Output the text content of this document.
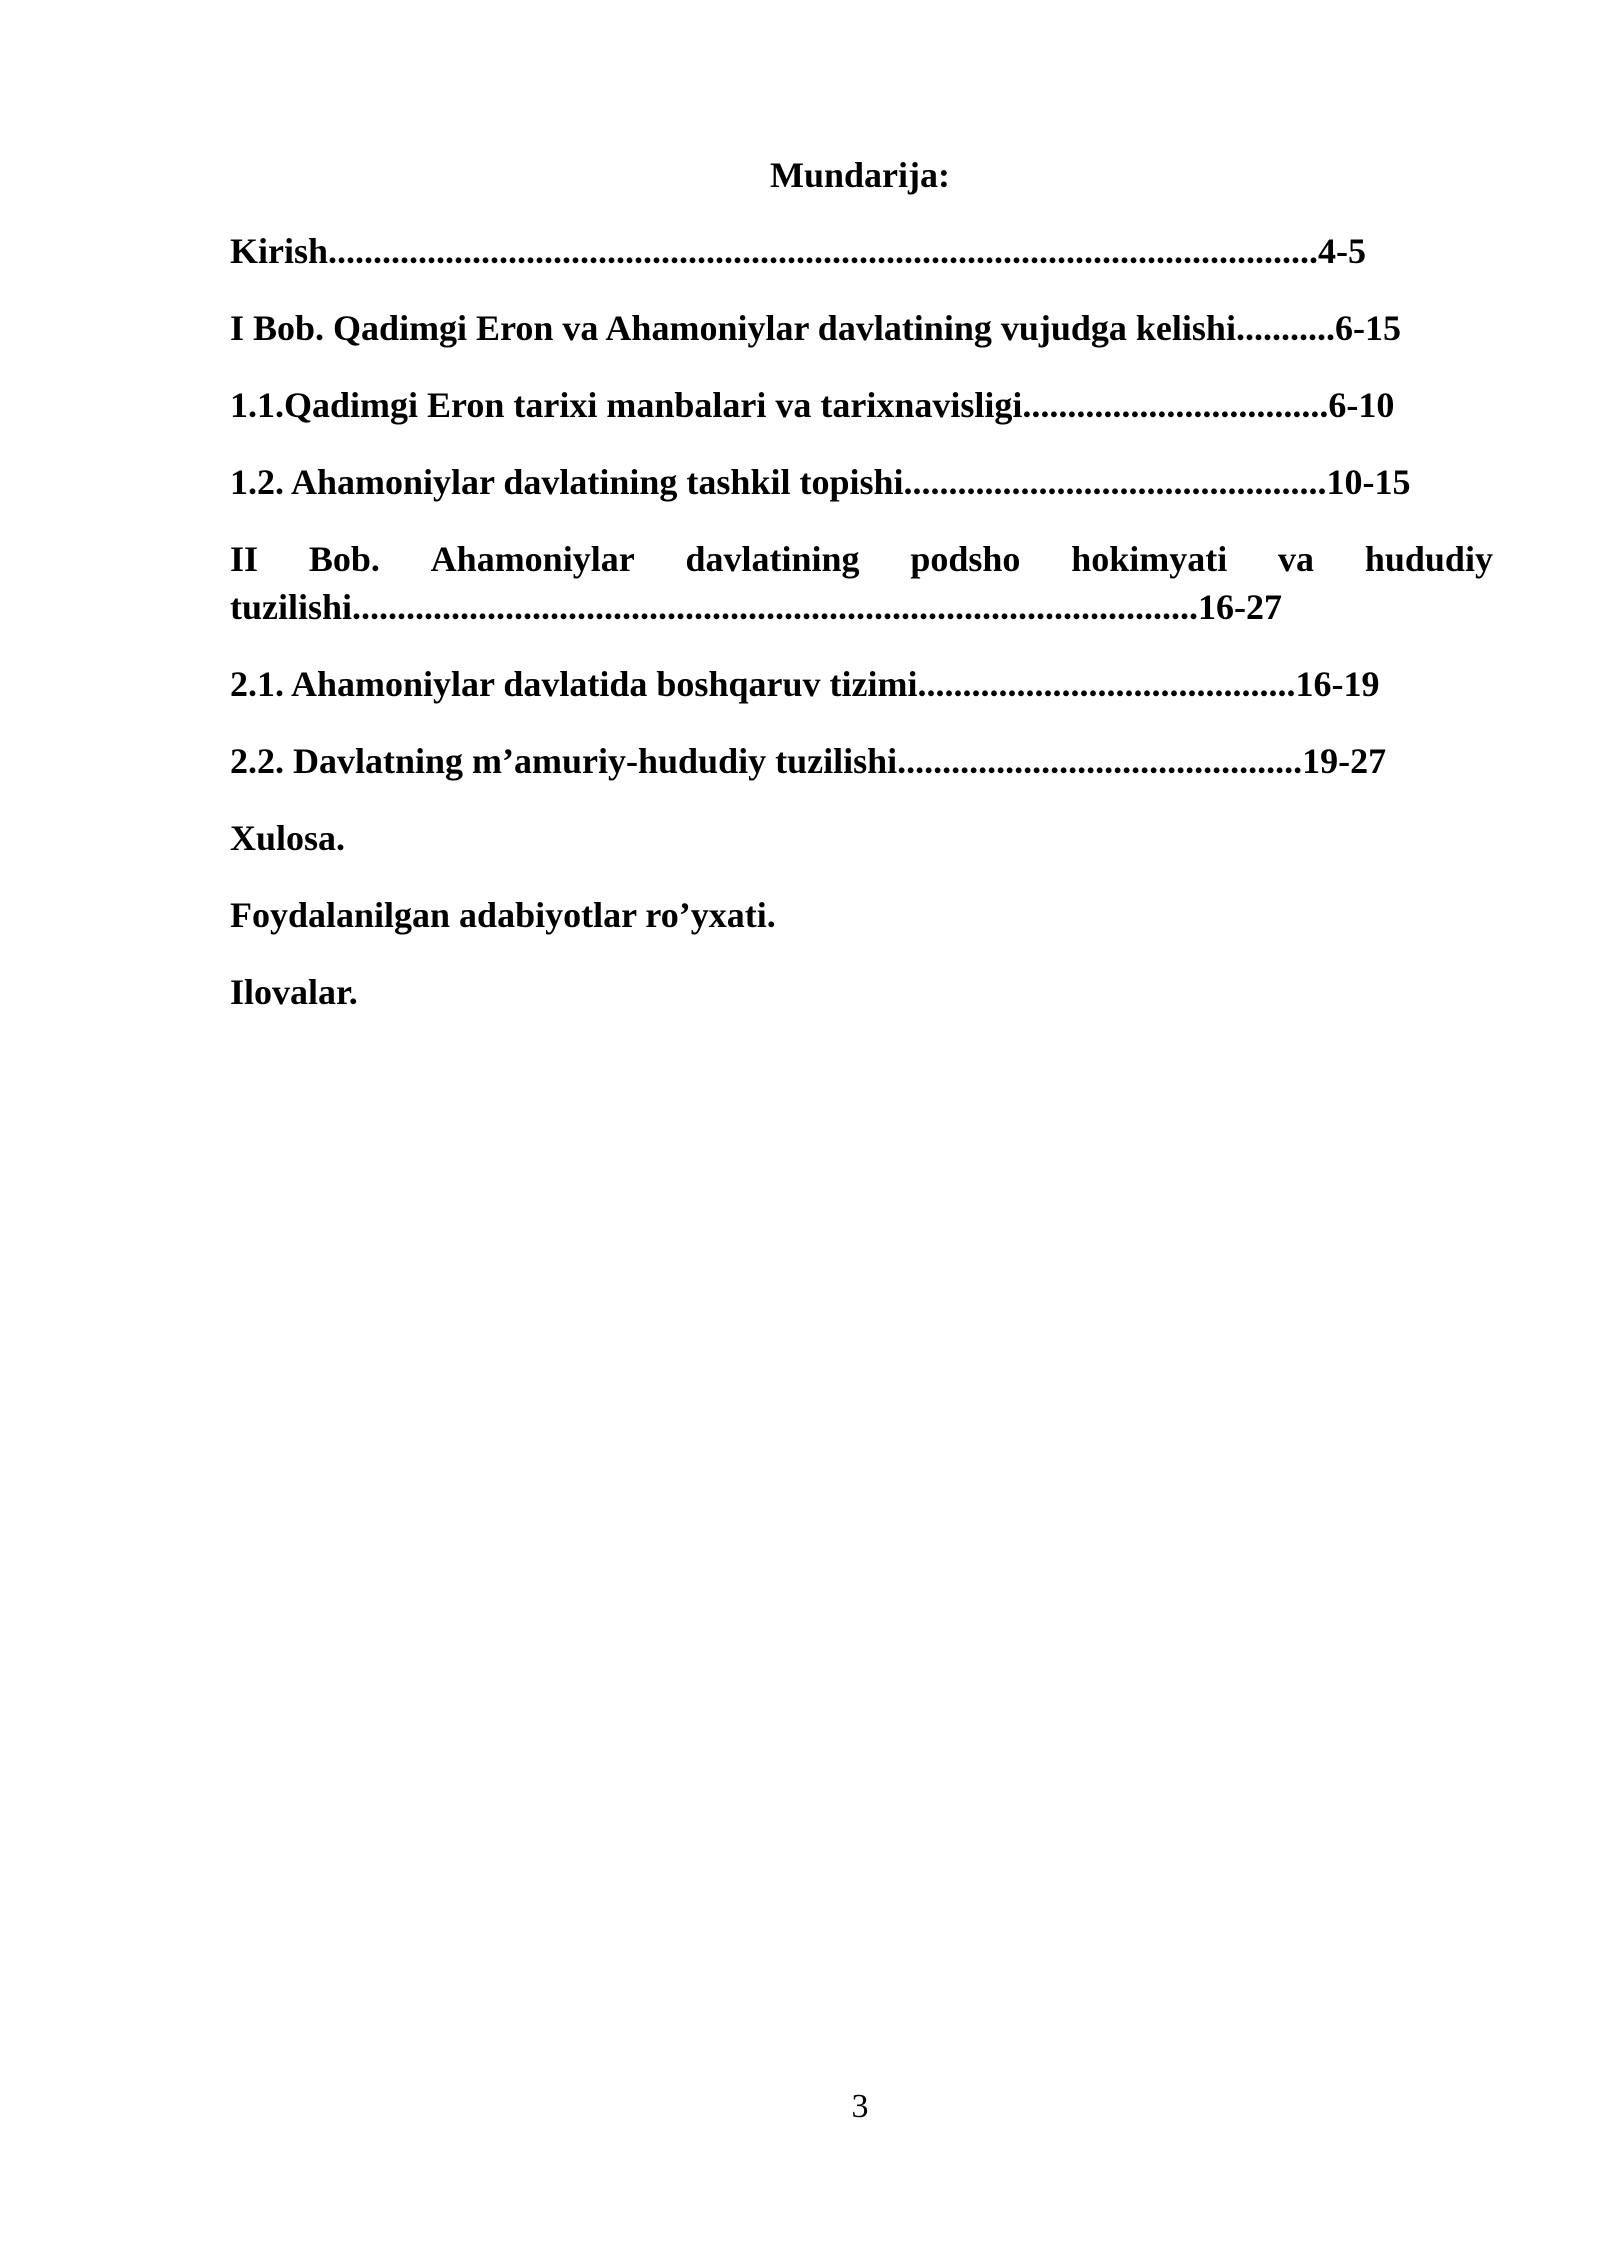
Mundarija:
Kirish..............................................................................................................4-5
I Bob. Qadimgi Eron va Ahamoniylar davlatining vujudga kelishi...........6-15
1.1.Qadimgi Eron tarixi manbalari va tarixnavisligi..................................6-10
1.2. Ahamoniylar davlatining tashkil topishi...............................................10-15
II Bob. Ahamoniylar davlatining podsho hokimyati va hududiy
tuzilishi..............................................................................................16-27
2.1. Ahamoniylar davlatida boshqaruv tizimi..........................................16-19
2.2. Davlatning m’amuriy-hududiy tuzilishi.............................................19-27
Xulosa.
Foydalanilgan adabiyotlar ro’yxati.
Ilovalar.
3
